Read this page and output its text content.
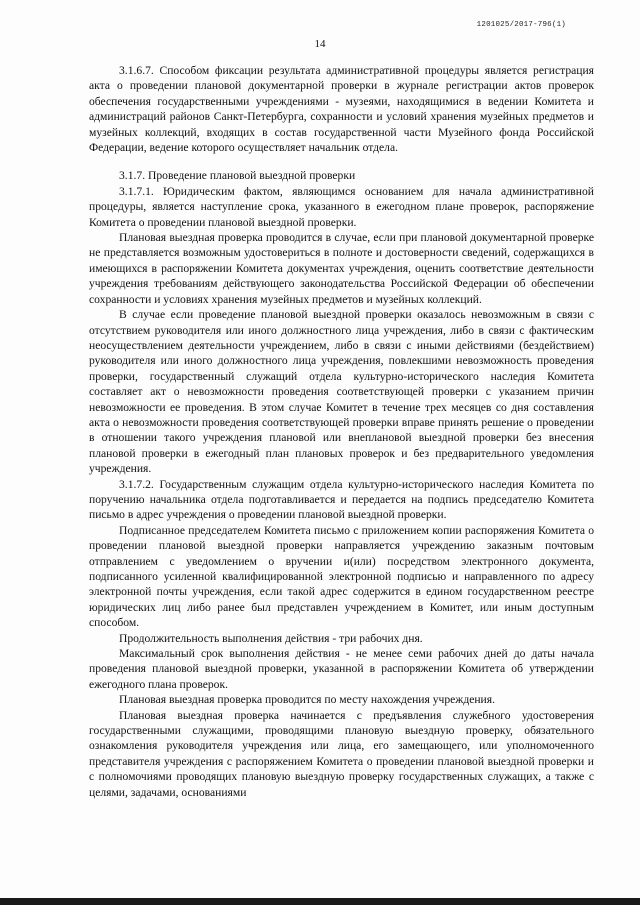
1201025/2017-796(1)
14

3.1.6.7. Способом фиксации результата административной процедуры является регистрация акта о проведении плановой документарной проверки в журнале регистрации актов проверок обеспечения государственными учреждениями - музеями, находящимися в ведении Комитета и администраций районов Санкт-Петербурга, сохранности и условий хранения музейных предметов и музейных коллекций, входящих в состав государственной части Музейного фонда Российской Федерации, ведение которого осуществляет начальник отдела.

3.1.7. Проведение плановой выездной проверки

3.1.7.1. Юридическим фактом, являющимся основанием для начала административной процедуры, является наступление срока, указанного в ежегодном плане проверок, распоряжение Комитета о проведении плановой выездной проверки.

Плановая выездная проверка проводится в случае, если при плановой документарной проверке не представляется возможным удостовериться в полноте и достоверности сведений, содержащихся в имеющихся в распоряжении Комитета документах учреждения, оценить соответствие деятельности учреждения требованиям действующего законодательства Российской Федерации об обеспечении сохранности и условиях хранения музейных предметов и музейных коллекций.

В случае если проведение плановой выездной проверки оказалось невозможным в связи с отсутствием руководителя или иного должностного лица учреждения, либо в связи с фактическим неосуществлением деятельности учреждением, либо в связи с иными действиями (бездействием) руководителя или иного должностного лица учреждения, повлекшими невозможность проведения проверки, государственный служащий отдела культурно-исторического наследия Комитета составляет акт о невозможности проведения соответствующей проверки с указанием причин невозможности ее проведения. В этом случае Комитет в течение трех месяцев со дня составления акта о невозможности проведения соответствующей проверки вправе принять решение о проведении в отношении такого учреждения плановой или внеплановой выездной проверки без внесения плановой проверки в ежегодный план плановых проверок и без предварительного уведомления учреждения.

3.1.7.2. Государственным служащим отдела культурно-исторического наследия Комитета по поручению начальника отдела подготавливается и передается на подпись председателю Комитета письмо в адрес учреждения о проведении плановой выездной проверки.

Подписанное председателем Комитета письмо с приложением копии распоряжения Комитета о проведении плановой выездной проверки направляется учреждению заказным почтовым отправлением с уведомлением о вручении и(или) посредством электронного документа, подписанного усиленной квалифицированной электронной подписью и направленного по адресу электронной почты учреждения, если такой адрес содержится в едином государственном реестре юридических лиц либо ранее был представлен учреждением в Комитет, или иным доступным способом.

Продолжительность выполнения действия - три рабочих дня.

Максимальный срок выполнения действия - не менее семи рабочих дней до даты начала проведения плановой выездной проверки, указанной в распоряжении Комитета об утверждении ежегодного плана проверок.

Плановая выездная проверка проводится по месту нахождения учреждения.

Плановая выездная проверка начинается с предъявления служебного удостоверения государственными служащими, проводящими плановую выездную проверку, обязательного ознакомления руководителя учреждения или лица, его замещающего, или уполномоченного представителя учреждения с распоряжением Комитета о проведении плановой выездной проверки и с полномочиями проводящих плановую выездную проверку государственных служащих, а также с целями, задачами, основаниями
